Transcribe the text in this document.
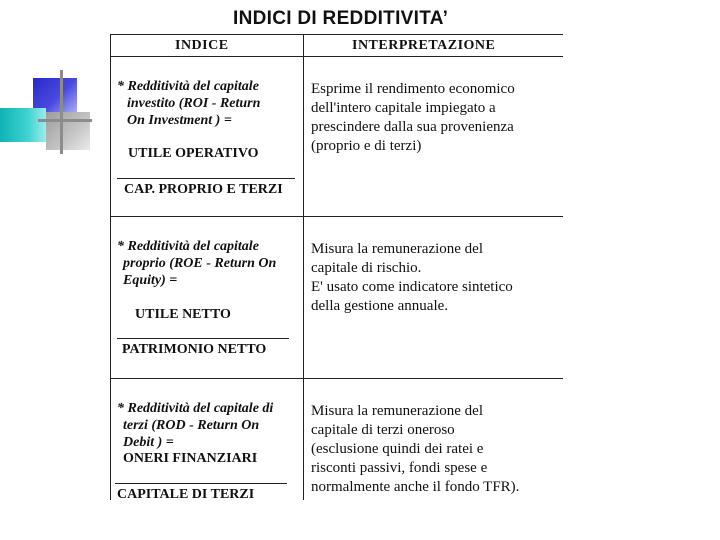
INDICI DI REDDITIVITA’
INDICE	INTERPRETAZIONE
* Redditività del capitale
investito (ROI - Return
On Investment ) =
UTILE OPERATIVO
CAP. PROPRIO E TERZI
Esprime il rendimento economico
dell'intero capitale impiegato a
prescindere dalla sua provenienza
(proprio e di terzi)
* Redditività del capitale
proprio (ROE - Return On
Equity) =
UTILE NETTO
PATRIMONIO NETTO
Misura la remunerazione del
capitale di rischio.
E' usato come indicatore sintetico
della gestione annuale.
* Redditività del capitale di
terzi (ROD - Return On
Debit ) =
ONERI FINANZIARI
CAPITALE DI TERZI
Misura la remunerazione del
capitale di terzi oneroso
(esclusione quindi dei ratei e
risconti passivi, fondi spese e
normalmente anche il fondo TFR).
